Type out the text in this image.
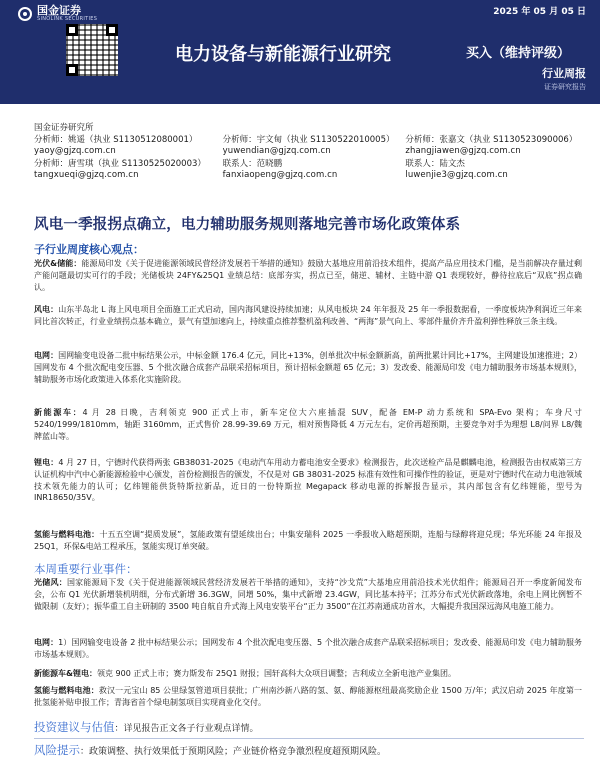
国金证券
SINOLINK SECURITIES
2025 年 05 月 05 日
电力设备与新能源行业研究	买入（维持评级）
行业周报
证券研究报告
国金证券研究所
分析师：姚遥（执业 S1130512080001）
yaoy@gjzq.com.cn
分析师：宇文甸（执业 S1130522010005）
yuwendian@gjzq.com.cn
分析师：张嘉文（执业 S1130523090006）
zhangjiawen@gjzq.com.cn
分析师：唐雪琪（执业 S1130525020003）
tangxueqi@gjzq.com.cn
联系人：范晓鹏
fanxiaopeng@gjzq.com.cn
联系人：陆文杰
luwenjie3@gjzq.com.cn
风电一季报拐点确立，电力辅助服务规则落地完善市场化政策体系
子行业周度核心观点：
光伏&储能：能源局印发《关于促进能源领域民营经济发展若干举措的通知》鼓励大基地应用前沿技术组件，提高产品应用技术门槛，是当前解决存量过剩产能问题最切实可行的手段；光储板块 24FY&25Q1 业绩总结：底部夯实，拐点已至，储逆、辅材、主链中游 Q1 表现较好，静待拉底后“双底”拐点确认。
风电：山东半岛北 L 海上风电项目全面施工正式启动，国内海风建设持续加速；从风电板块 24 年年报及 25 年一季报数据看，一季度板块净利润近三年来同比首次转正，行业业绩拐点基本确立，景气有望加速向上，持续重点推荐整机盈利改善、“两海”景气向上、零部件量价齐升盈利弹性释放三条主线。
电网：国网输变电设备二批中标结果公示，中标金额 176.4 亿元，同比+13%，创单批次中标金额新高，前两批累计同比+17%，主网建设加速推进；2）国网发布 4 个批次配电变压器、5 个批次融合成套产品联采招标项目，预计招标金额超 65 亿元；3）发改委、能源局印发《电力辅助服务市场基本规则》，辅助服务市场化政策进入体系化实施阶段。
新能源车：4 月 28 日晚，吉利领克 900 正式上市，新车定位大六座插混 SUV，配备 EM-P 动力系统和 SPA-Evo 架构；车身尺寸 5240/1999/1810mm，轴距 3160mm，正式售价 28.99-39.69 万元，相对预售降低 4 万元左右，定价再超预期，主要竞争对手为理想 L8/问界 L8/魏牌蓝山等。
锂电：4 月 27 日，宁德时代获得两张 GB38031-2025《电动汽车用动力蓄电池安全要求》检测报告，此次送检产品是麒麟电池，检测报告由权威第三方认证机构中汽中心新能源检验中心颁发，首份检测报告的颁发，不仅是对 GB 38031-2025 标准有效性和可操作性的验证，更是对宁德时代在动力电池领域技术领先能力的认可；亿纬锂能供货特斯拉新品，近日的一份特斯拉 Megapack 移动电源的拆解报告显示，其内部包含有亿纬锂能，型号为 INR18650/35V。
氢能与燃料电池：十五五空调“提质发展”，氢能政策有望延续出台；中集安瑞科 2025 一季报收入略超预期，连船与绿醇将迎兑现；华光环能 24 年报及 25Q1，环保&电站工程承压，氢能实现订单突破。
本周重要行业事件：
光储风：国家能源局下发《关于促进能源领域民营经济发展若干举措的通知》，支持“沙戈荒”大基地应用前沿技术光伏组件；能源局召开一季度新闻发布会，公布 Q1 光伏新增装机明细，分布式新增 36.3GW，同增 50%，集中式新增 23.4GW，同比基本持平；江苏分布式光伏新政落地，余电上网比例暂不做限制（友好）；振华重工自主研制的 3500 吨自航自升式海上风电安装平台“正力 3500”在江苏南通成功首水，大幅提升我国深远海风电施工能力。
电网：1）国网输变电设备 2 批中标结果公示；国网发布 4 个批次配电变压器、5 个批次融合成套产品联采招标项目；发改委、能源局印发《电力辅助服务市场基本规则》。
新能源车&锂电：领克 900 正式上市；赛力斯发布 25Q1 财报；国轩高科大众项目调整；吉利成立全新电池产业集团。
氢能与燃料电池：救汉一元宝山 85 公里绿氢管道项目获批；广州南沙新八路的氢、氨、醇能源枢纽最高奖励企业 1500 万/年；武汉启动 2025 年度第一批氢能补贴申报工作；青海省首个绿电制氢项目实现商业化交付。
投资建议与估值：详见报告正文各子行业观点详情。
风险提示：政策调整、执行效果低于预期风险；产业链价格竞争激烈程度超预期风险。
